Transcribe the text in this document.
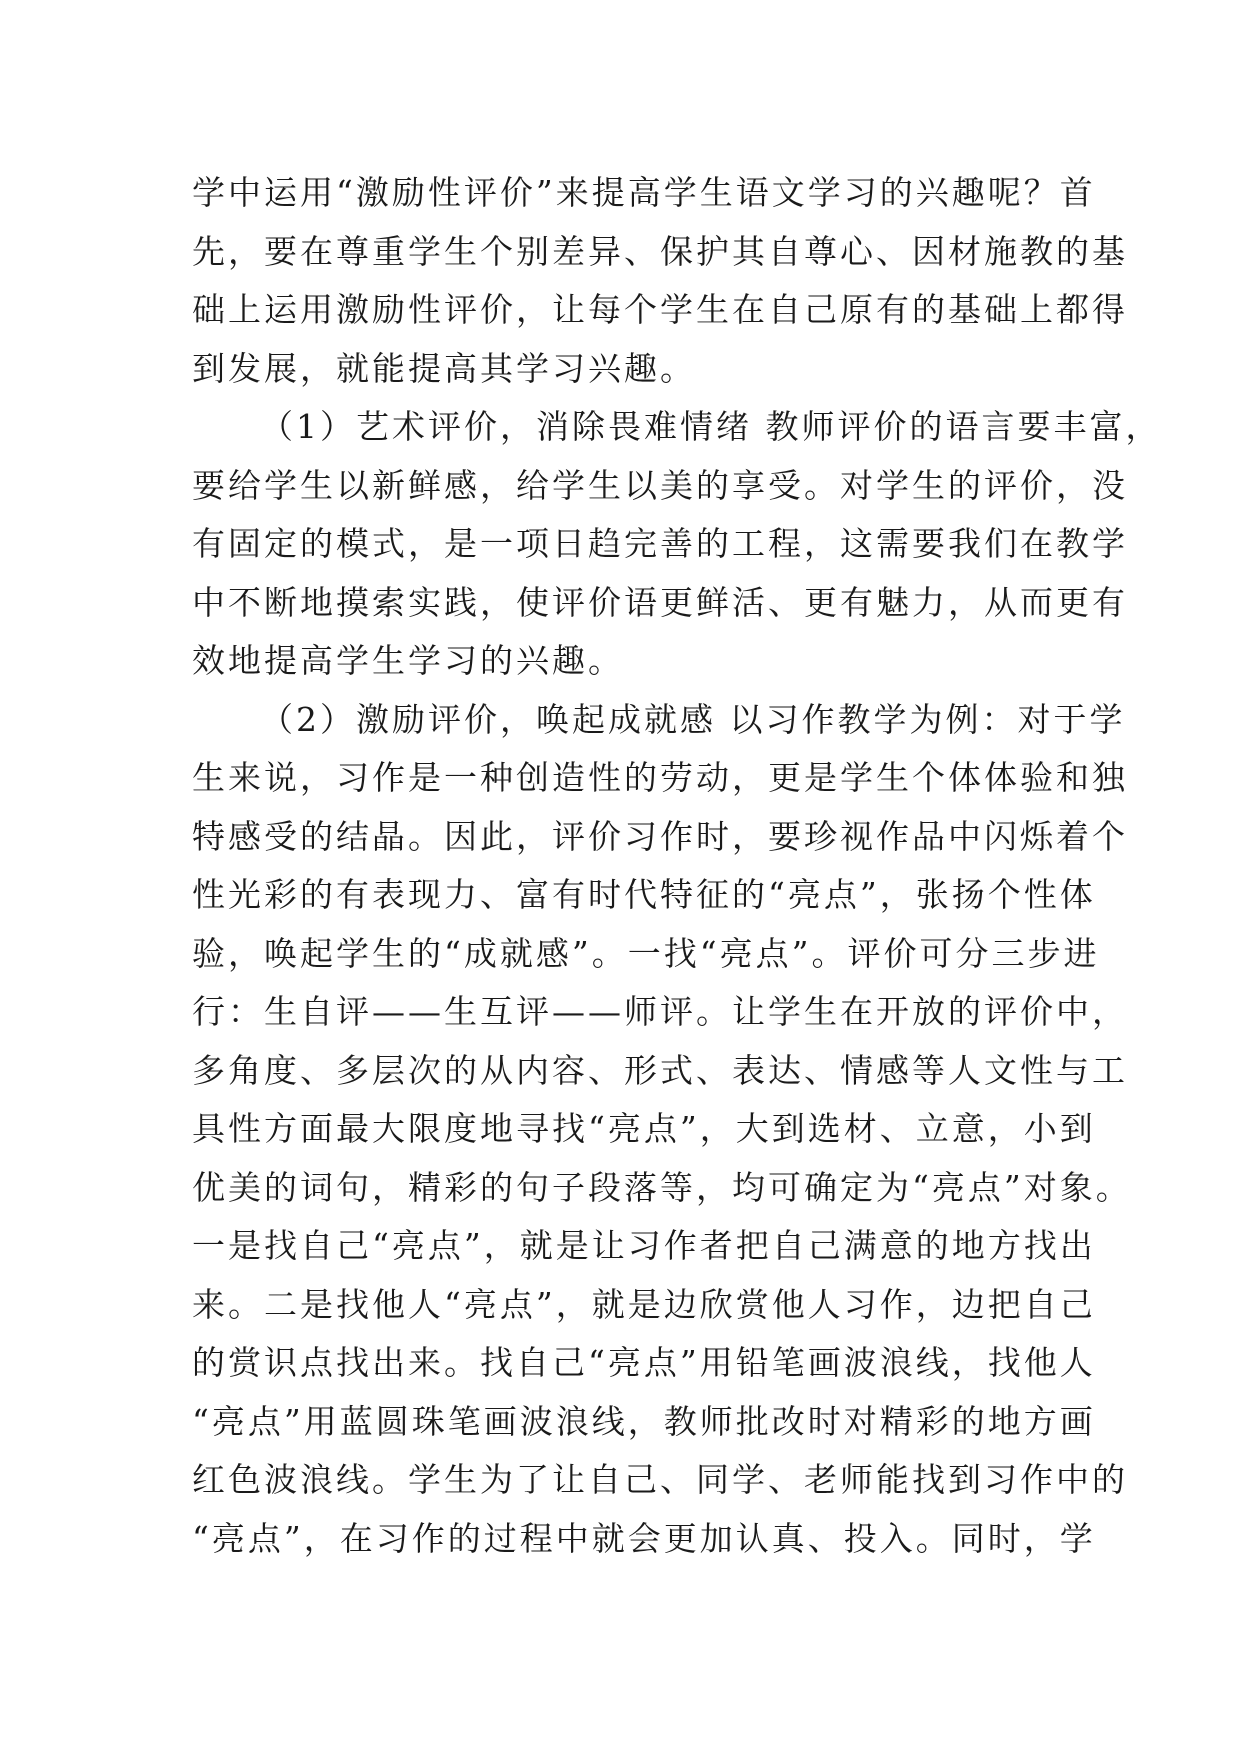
学中运用“激励性评价”来提高学生语文学习的兴趣呢？首
先，要在尊重学生个别差异、保护其自尊心、因材施教的基
础上运用激励性评价，让每个学生在自己原有的基础上都得
到发展，就能提高其学习兴趣。
（1）艺术评价，消除畏难情绪 教师评价的语言要丰富，
要给学生以新鲜感，给学生以美的享受。对学生的评价，没
有固定的模式，是一项日趋完善的工程，这需要我们在教学
中不断地摸索实践，使评价语更鲜活、更有魅力，从而更有
效地提高学生学习的兴趣。
（2）激励评价，唤起成就感 以习作教学为例：对于学
生来说，习作是一种创造性的劳动，更是学生个体体验和独
特感受的结晶。因此，评价习作时，要珍视作品中闪烁着个
性光彩的有表现力、富有时代特征的“亮点”，张扬个性体
验，唤起学生的“成就感”。一找“亮点”。评价可分三步进
行：生自评——生互评——师评。让学生在开放的评价中，
多角度、多层次的从内容、形式、表达、情感等人文性与工
具性方面最大限度地寻找“亮点”，大到选材、立意，小到
优美的词句，精彩的句子段落等，均可确定为“亮点”对象。
一是找自己“亮点”，就是让习作者把自己满意的地方找出
来。二是找他人“亮点”，就是边欣赏他人习作，边把自己
的赏识点找出来。找自己“亮点”用铅笔画波浪线，找他人
“亮点”用蓝圆珠笔画波浪线，教师批改时对精彩的地方画
红色波浪线。学生为了让自己、同学、老师能找到习作中的
“亮点”，在习作的过程中就会更加认真、投入。同时，学
